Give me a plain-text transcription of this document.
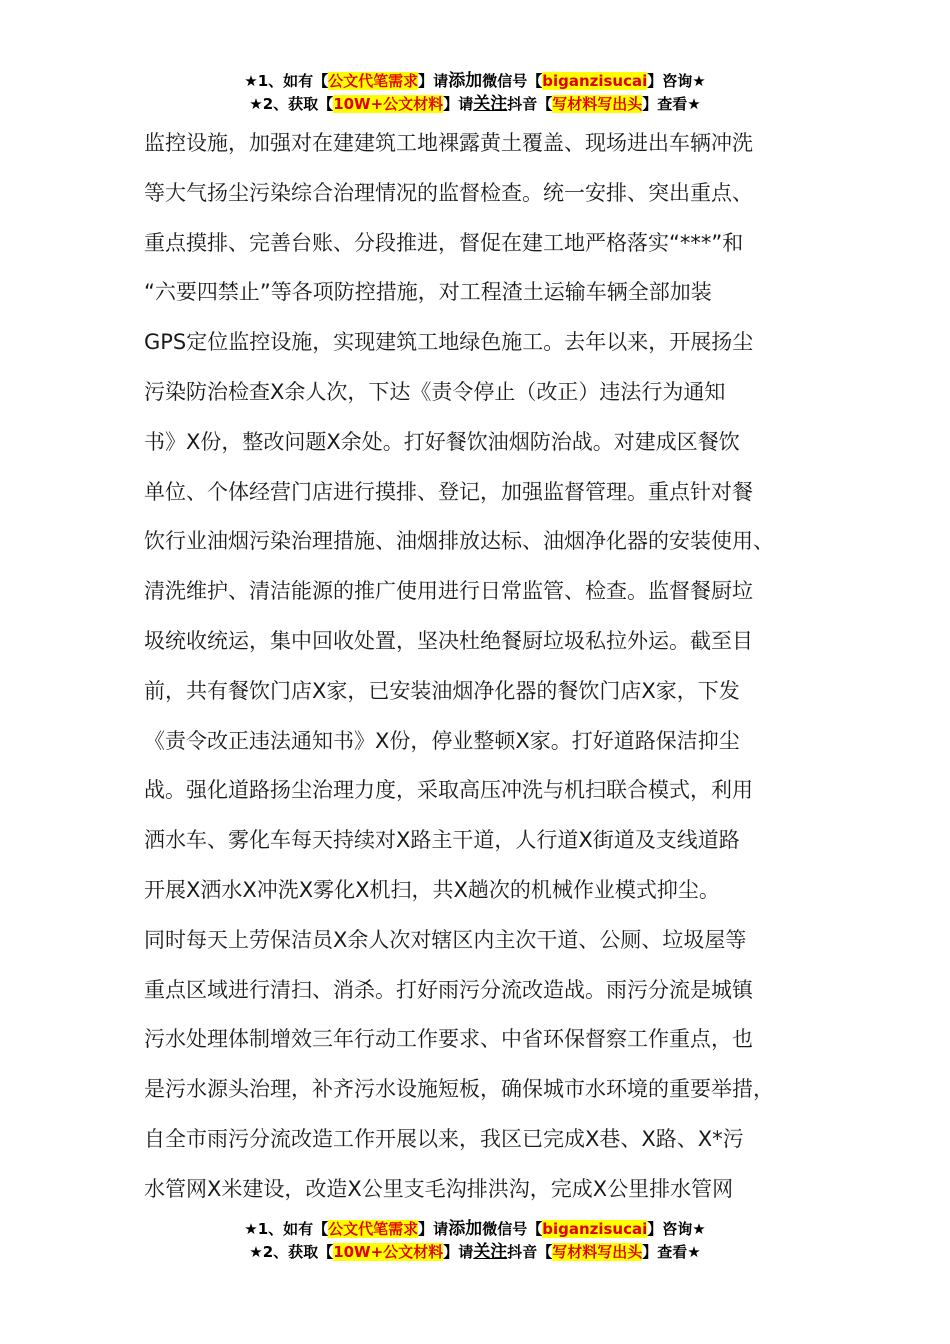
★1、如有【公文代笔需求】请添加微信号【biganzisucai】咨询★
★2、获取【10W+公文材料】请关注抖音【写材料写出头】查看★
监控设施，加强对在建建筑工地裸露黄土覆盖、现场进出车辆冲洗
等大气扬尘污染综合治理情况的监督检查。统一安排、突出重点、
重点摸排、完善台账、分段推进，督促在建工地严格落实“***”和
“六要四禁止”等各项防控措施，对工程渣土运输车辆全部加装
GPS定位监控设施，实现建筑工地绿色施工。去年以来，开展扬尘
污染防治检查X余人次，下达《责令停止（改正）违法行为通知
书》X份，整改问题X余处。打好餐饮油烟防治战。对建成区餐饮
单位、个体经营门店进行摸排、登记，加强监督管理。重点针对餐
饮行业油烟污染治理措施、油烟排放达标、油烟净化器的安装使用、
清洗维护、清洁能源的推广使用进行日常监管、检查。监督餐厨垃
圾统收统运，集中回收处置，坚决杜绝餐厨垃圾私拉外运。截至目
前，共有餐饮门店X家，已安装油烟净化器的餐饮门店X家，下发
《责令改正违法通知书》X份，停业整顿X家。打好道路保洁抑尘
战。强化道路扬尘治理力度，采取高压冲洗与机扫联合模式，利用
洒水车、雾化车每天持续对X路主干道，人行道X街道及支线道路
开展X洒水X冲洗X雾化X机扫，共X趟次的机械作业模式抑尘。
同时每天上劳保洁员X余人次对辖区内主次干道、公厕、垃圾屋等
重点区域进行清扫、消杀。打好雨污分流改造战。雨污分流是城镇
污水处理体制增效三年行动工作要求、中省环保督察工作重点，也
是污水源头治理，补齐污水设施短板，确保城市水环境的重要举措，
自全市雨污分流改造工作开展以来，我区已完成X巷、X路、X*污
水管网X米建设，改造X公里支毛沟排洪沟，完成X公里排水管网
★1、如有【公文代笔需求】请添加微信号【biganzisucai】咨询★
★2、获取【10W+公文材料】请关注抖音【写材料写出头】查看★
